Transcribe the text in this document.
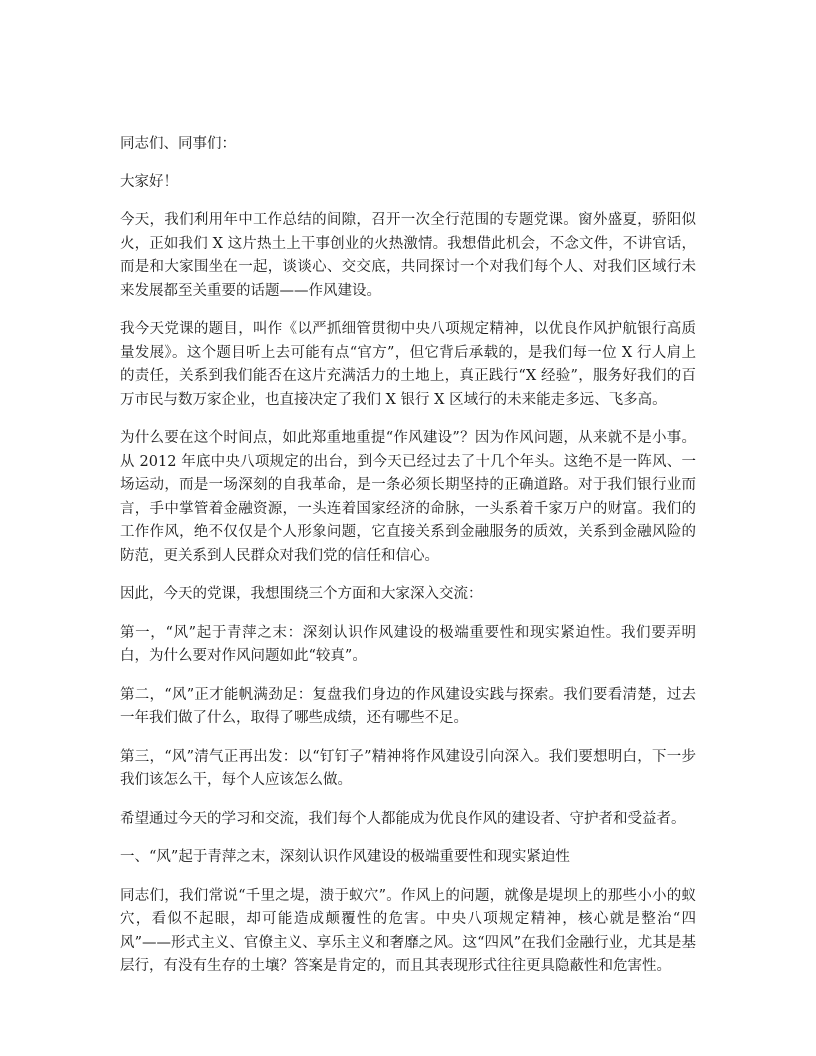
同志们、同事们：

大家好！

今天，我们利用年中工作总结的间隙，召开一次全行范围的专题党课。窗外盛夏，骄阳似火，正如我们 X 这片热土上干事创业的火热激情。我想借此机会，不念文件，不讲官话，而是和大家围坐在一起，谈谈心、交交底，共同探讨一个对我们每个人、对我们区域行未来发展都至关重要的话题——作风建设。

我今天党课的题目，叫作《以严抓细管贯彻中央八项规定精神，以优良作风护航银行高质量发展》。这个题目听上去可能有点“官方”，但它背后承载的，是我们每一位 X 行人肩上的责任，关系到我们能否在这片充满活力的土地上，真正践行“X 经验”，服务好我们的百万市民与数万家企业，也直接决定了我们 X 银行 X 区域行的未来能走多远、飞多高。

为什么要在这个时间点，如此郑重地重提“作风建设”？因为作风问题，从来就不是小事。从 2012 年底中央八项规定的出台，到今天已经过去了十几个年头。这绝不是一阵风、一场运动，而是一场深刻的自我革命，是一条必须长期坚持的正确道路。对于我们银行业而言，手中掌管着金融资源，一头连着国家经济的命脉，一头系着千家万户的财富。我们的工作作风，绝不仅仅是个人形象问题，它直接关系到金融服务的质效，关系到金融风险的防范，更关系到人民群众对我们党的信任和信心。

因此，今天的党课，我想围绕三个方面和大家深入交流：

第一，“风”起于青萍之末：深刻认识作风建设的极端重要性和现实紧迫性。我们要弄明白，为什么要对作风问题如此“较真”。

第二，“风”正才能帆满劲足：复盘我们身边的作风建设实践与探索。我们要看清楚，过去一年我们做了什么，取得了哪些成绩，还有哪些不足。

第三，“风”清气正再出发：以“钉钉子”精神将作风建设引向深入。我们要想明白，下一步我们该怎么干，每个人应该怎么做。

希望通过今天的学习和交流，我们每个人都能成为优良作风的建设者、守护者和受益者。

一、“风”起于青萍之末，深刻认识作风建设的极端重要性和现实紧迫性

同志们，我们常说“千里之堤，溃于蚁穴”。作风上的问题，就像是堤坝上的那些小小的蚁穴，看似不起眼，却可能造成颠覆性的危害。中央八项规定精神，核心就是整治“四风”——形式主义、官僚主义、享乐主义和奢靡之风。这“四风”在我们金融行业，尤其是基层行，有没有生存的土壤？答案是肯定的，而且其表现形式往往更具隐蔽性和危害性。
